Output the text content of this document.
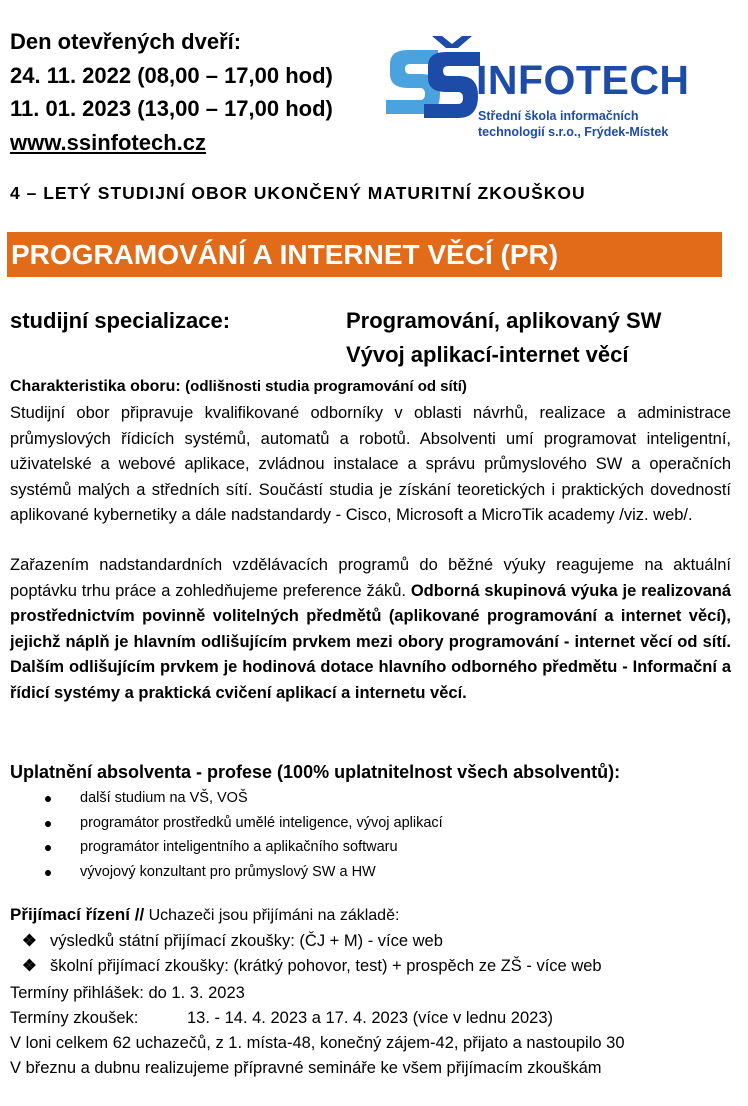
Den otevřených dveří:
24. 11. 2022 (08,00 – 17,00 hod)
11. 01. 2023 (13,00 – 17,00 hod)
www.ssinfotech.cz
INFOTECH
Střední škola informačních
technologií s.r.o., Frýdek-Místek
4 – LETÝ STUDIJNÍ OBOR UKONČENÝ MATURITNÍ ZKOUŠKOU
PROGRAMOVÁNÍ A INTERNET VĚCÍ (PR)
studijní specializace:	Programování, aplikovaný SW
Vývoj aplikací-internet věcí
Charakteristika oboru: (odlišnosti studia programování od sítí)
Studijní obor připravuje kvalifikované odborníky v oblasti návrhů, realizace a administrace průmyslových řídicích systémů, automatů a robotů. Absolventi umí programovat inteligentní, uživatelské a webové aplikace, zvládnou instalace a správu průmyslového SW a operačních systémů malých a středních sítí. Součástí studia je získání teoretických i praktických dovedností aplikované kybernetiky a dále nadstandardy - Cisco, Microsoft a MicroTik academy /viz. web/.
Zařazením nadstandardních vzdělávacích programů do běžné výuky reagujeme na aktuální poptávku trhu práce a zohledňujeme preference žáků. Odborná skupinová výuka je realizovaná prostřednictvím povinně volitelných předmětů (aplikované programování a internet věcí), jejichž náplň je hlavním odlišujícím prvkem mezi obory programování - internet věcí od sítí. Dalším odlišujícím prvkem je hodinová dotace hlavního odborného předmětu - Informační a řídicí systémy a praktická cvičení aplikací a internetu věcí.
Uplatnění absolventa - profese (100% uplatnitelnost všech absolventů):
další studium na VŠ, VOŠ
programátor prostředků umělé inteligence, vývoj aplikací
programátor inteligentního a aplikačního softwaru
vývojový konzultant pro průmyslový SW a HW
Přijímací řízení // Uchazeči jsou přijímáni na základě:
❖ výsledků státní přijímací zkoušky: (ČJ + M) - více web
❖ školní přijímací zkoušky: (krátký pohovor, test) + prospěch ze ZŠ - více web
Termíny přihlášek: do 1. 3. 2023
Termíny zkoušek:	13. - 14. 4. 2023 a 17. 4. 2023 (více v lednu 2023)
V loni celkem 62 uchazečů, z 1. místa-48, konečný zájem-42, přijato a nastoupilo 30
V březnu a dubnu realizujeme přípravné semináře ke všem přijímacím zkouškám
